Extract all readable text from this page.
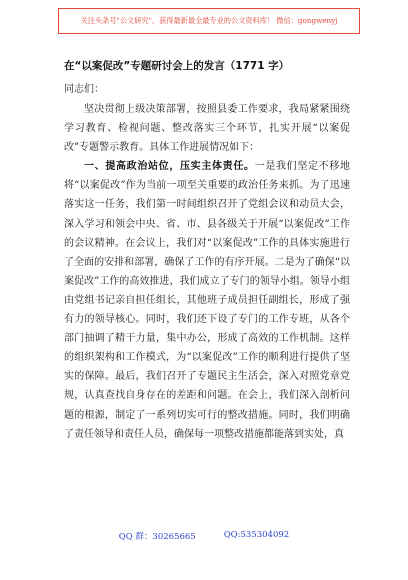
关注头条号"公文研究"，获得最新最全最专业的公文资料库！ 微信：gongwenyj
在“以案促改”专题研讨会上的发言（1771 字）
同志们：

坚决贯彻上级决策部署，按照县委工作要求，我局紧紧围绕学习教育、检视问题、整改落实三个环节，扎实开展“以案促改”专题警示教育。具体工作进展情况如下：

一、提高政治站位，压实主体责任。一是我们坚定不移地将“以案促改”作为当前一项至关重要的政治任务来抓。为了迅速落实这一任务，我们第一时间组织召开了党组会议和动员大会，深入学习和领会中央、省、市、县各级关于开展“以案促改”工作的会议精神。在会议上，我们对“以案促改”工作的具体实施进行了全面的安排和部署，确保了工作的有序开展。二是为了确保“以案促改”工作的高效推进，我们成立了专门的领导小组。领导小组由党组书记亲自担任组长，其他班子成员担任副组长，形成了强有力的领导核心。同时，我们还下设了专门的工作专班，从各个部门抽调了精干力量，集中办公，形成了高效的工作机制。这样的组织架构和工作模式，为“以案促改”工作的顺利进行提供了坚实的保障。最后，我们召开了专题民主生活会，深入对照党章党规，认真查找自身存在的差距和问题。在会上，我们深入剖析问题的根源，制定了一系列切实可行的整改措施。同时，我们明确了责任领导和责任人员，确保每一项整改措施都能落到实处，真

QQ 群：30265665	QQ:535304092
